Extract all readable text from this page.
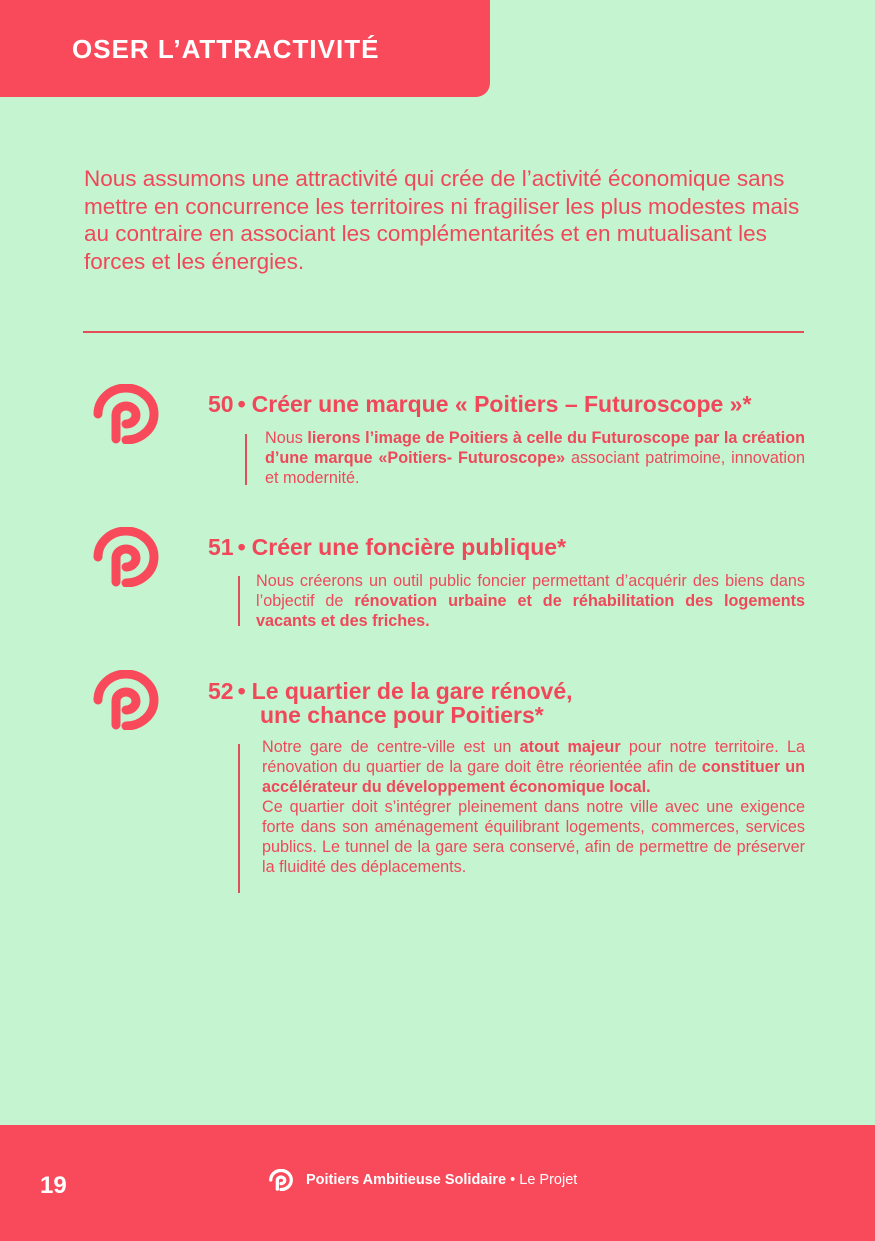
OSER L’ATTRACTIVITÉ
Nous assumons une attractivité qui crée de l’activité économique sans mettre en concurrence les territoires ni fragiliser les plus modestes mais au contraire en associant les complémentarités et en mutualisant les forces et les énergies.
50 • Créer une marque « Poitiers – Futuroscope »*
Nous lierons l’image de Poitiers à celle du Futuroscope par la création d’une marque «Poitiers- Futuroscope» associant patrimoine, innovation et modernité.
51 • Créer une foncière publique*
Nous créerons un outil public foncier permettant d’acquérir des biens dans l’objectif de rénovation urbaine et de réhabilitation des logements vacants et des friches.
52 • Le quartier de la gare rénové,
une chance pour Poitiers*
Notre gare de centre-ville est un atout majeur pour notre territoire. La rénovation du quartier de la gare doit être réorientée afin de constituer un accélérateur du développement économique local.
Ce quartier doit s’intégrer pleinement dans notre ville avec une exigence forte dans son aménagement équilibrant logements, commerces, services publics. Le tunnel de la gare sera conservé, afin de permettre de préserver la fluidité des déplacements.
19	Poitiers Ambitieuse Solidaire • Le Projet
